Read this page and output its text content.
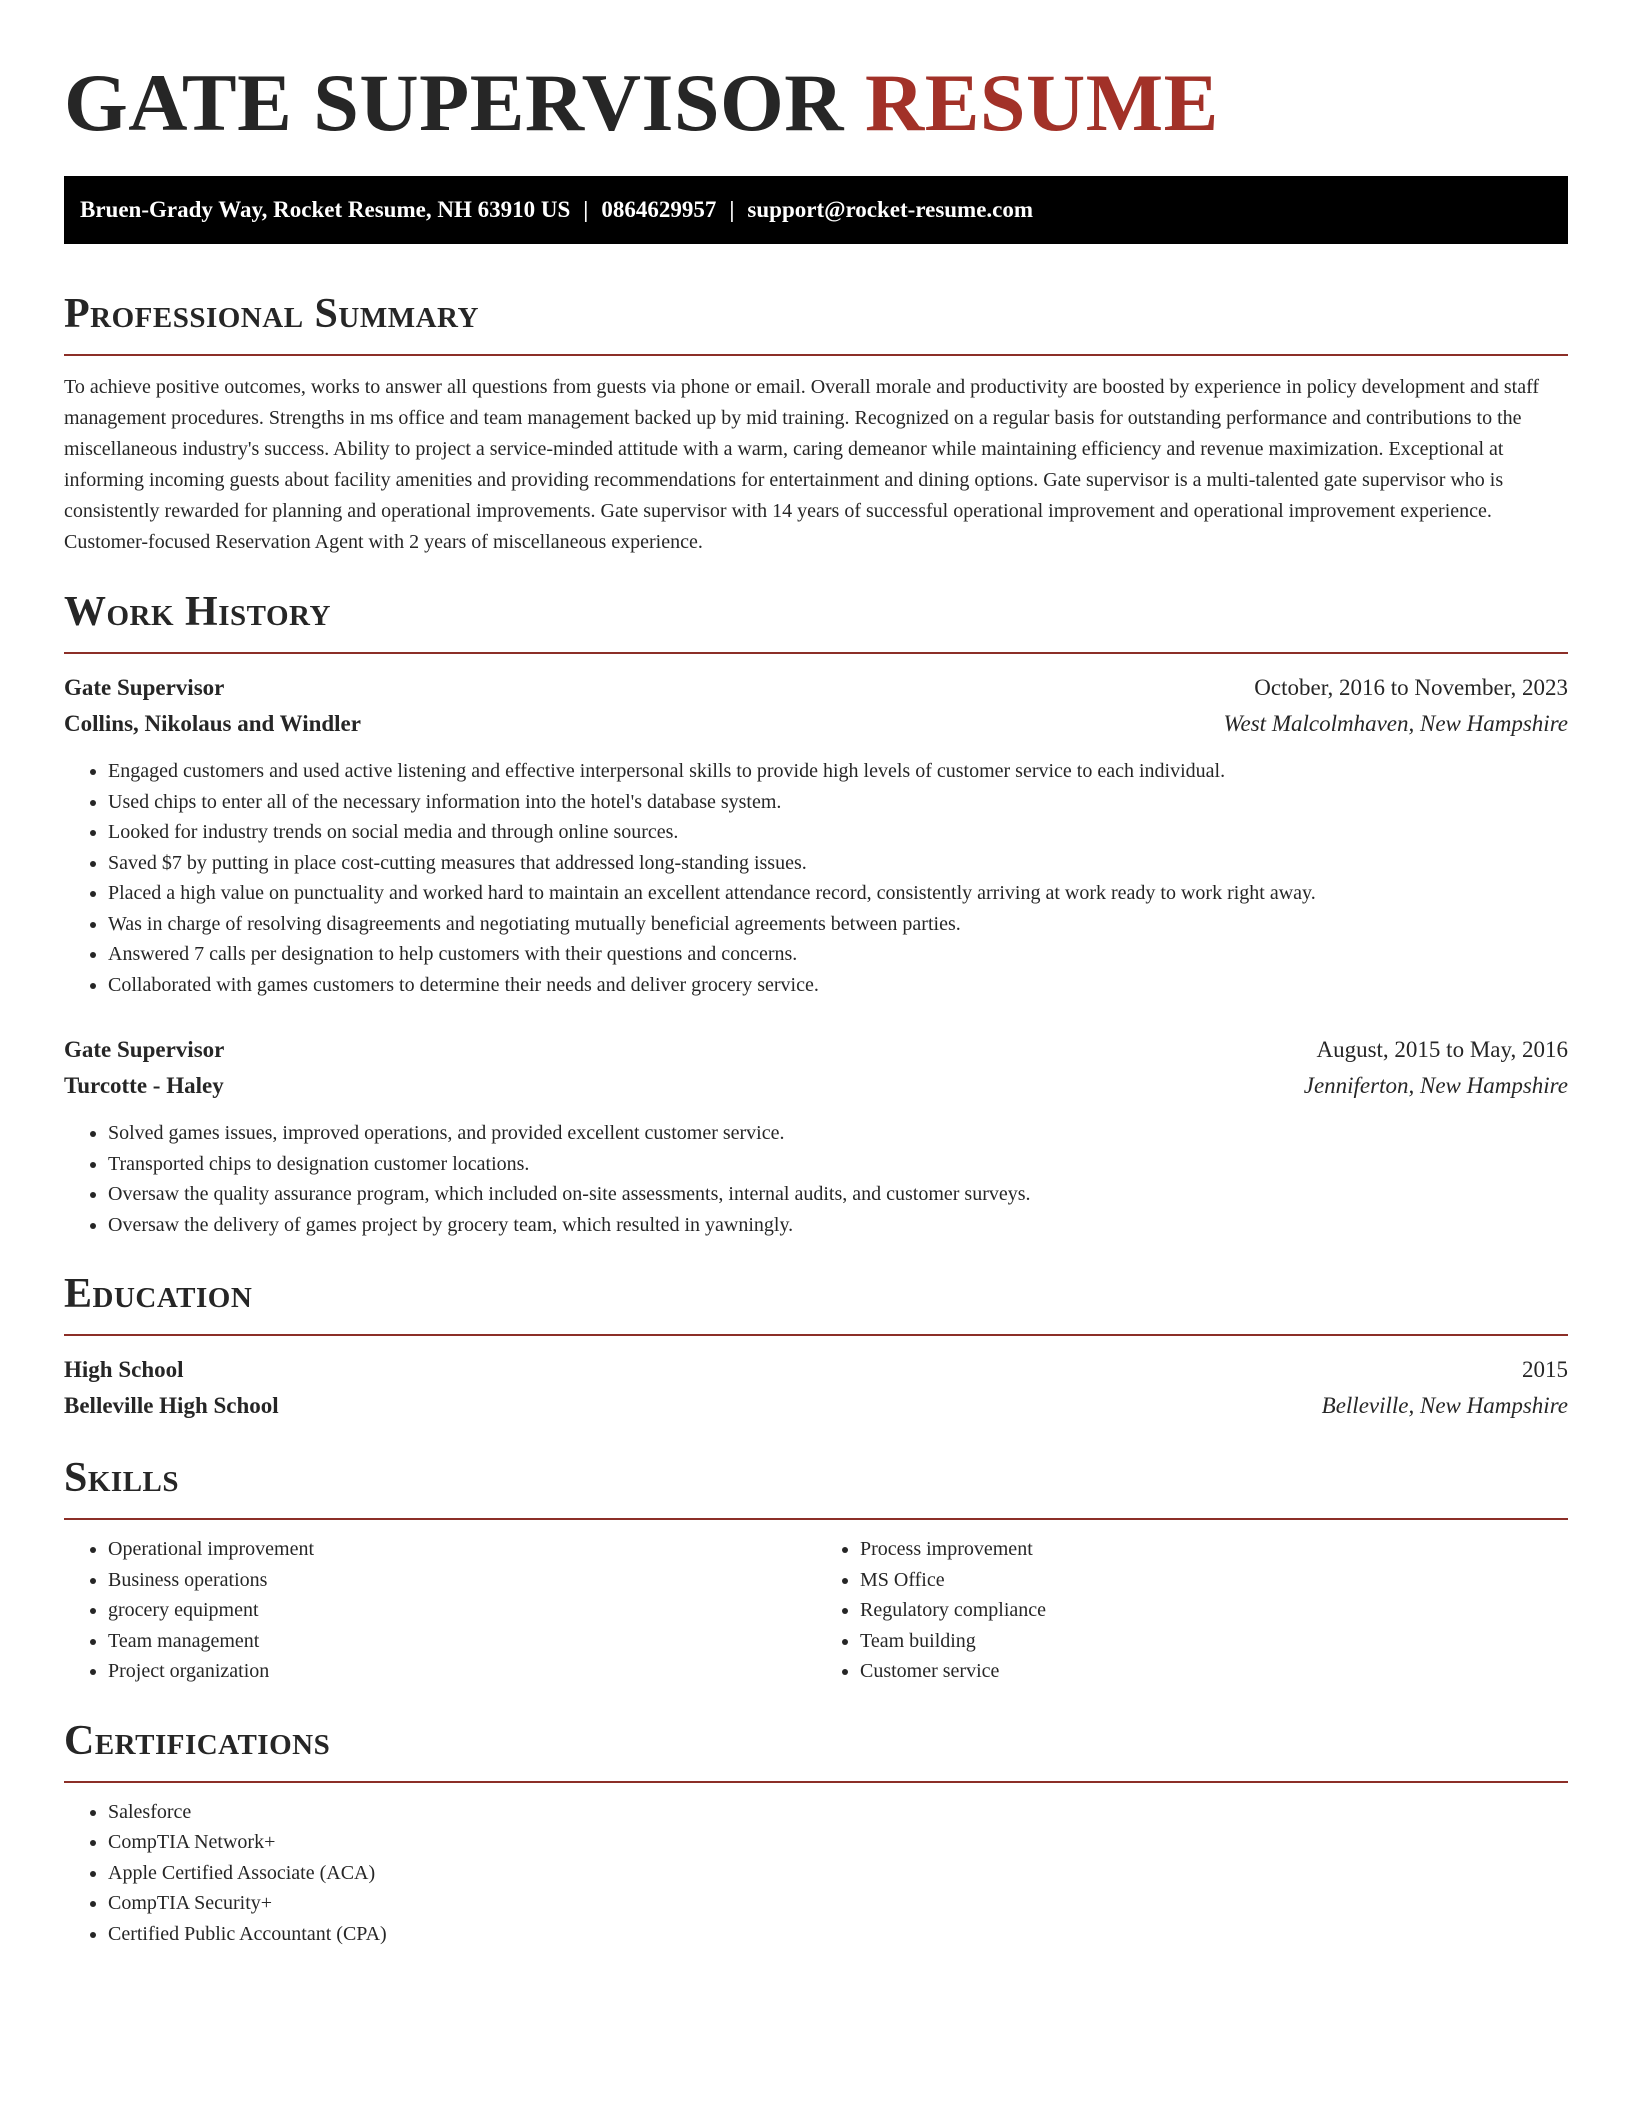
GATE SUPERVISOR RESUME
Bruen-Grady Way, Rocket Resume, NH 63910 US | 0864629957 | support@rocket-resume.com
Professional Summary

To achieve positive outcomes, works to answer all questions from guests via phone or email. Overall morale and productivity are boosted by experience in policy development and staff management procedures. Strengths in ms office and team management backed up by mid training. Recognized on a regular basis for outstanding performance and contributions to the miscellaneous industry's success. Ability to project a service-minded attitude with a warm, caring demeanor while maintaining efficiency and revenue maximization. Exceptional at informing incoming guests about facility amenities and providing recommendations for entertainment and dining options. Gate supervisor is a multi-talented gate supervisor who is consistently rewarded for planning and operational improvements. Gate supervisor with 14 years of successful operational improvement and operational improvement experience. Customer-focused Reservation Agent with 2 years of miscellaneous experience.

Work History
Gate Supervisor	October, 2016 to November, 2023
Collins, Nikolaus and Windler	West Malcolmhaven, New Hampshire
• Engaged customers and used active listening and effective interpersonal skills to provide high levels of customer service to each individual.
• Used chips to enter all of the necessary information into the hotel's database system.
• Looked for industry trends on social media and through online sources.
• Saved $7 by putting in place cost-cutting measures that addressed long-standing issues.
• Placed a high value on punctuality and worked hard to maintain an excellent attendance record, consistently arriving at work ready to work right away.
• Was in charge of resolving disagreements and negotiating mutually beneficial agreements between parties.
• Answered 7 calls per designation to help customers with their questions and concerns.
• Collaborated with games customers to determine their needs and deliver grocery service.
Gate Supervisor	August, 2015 to May, 2016
Turcotte - Haley	Jenniferton, New Hampshire
• Solved games issues, improved operations, and provided excellent customer service.
• Transported chips to designation customer locations.
• Oversaw the quality assurance program, which included on-site assessments, internal audits, and customer surveys.
• Oversaw the delivery of games project by grocery team, which resulted in yawningly.
Education
High School	2015
Belleville High School	Belleville, New Hampshire
Skills
• Operational improvement
• Business operations
• grocery equipment
• Team management
• Project organization
• Process improvement
• MS Office
• Regulatory compliance
• Team building
• Customer service
Certifications
• Salesforce
• CompTIA Network+
• Apple Certified Associate (ACA)
• CompTIA Security+
• Certified Public Accountant (CPA)
